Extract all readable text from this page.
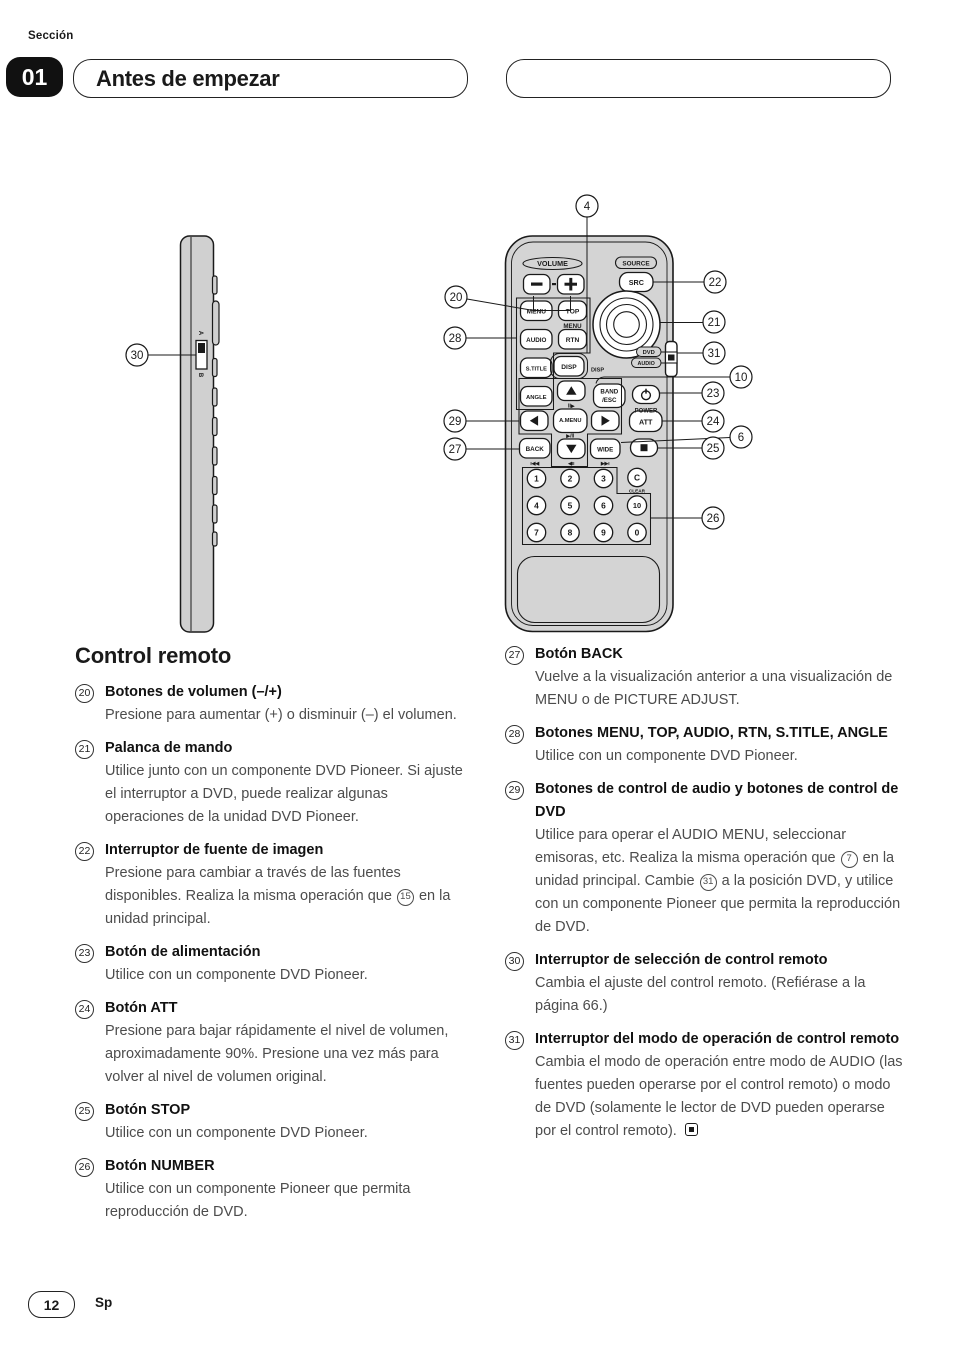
Sección
01	Antes de empezar
A
B
VOLUME	SOURCE
SRC
MENU	TOP
MENU
AUDIO	RTN
S.TITLE DISP	DISP
ANGLE
DVD
AUDIO
II▶
BAND
/ESC
POWER
A.MENU
▶/II
ATT
BACK
I◀◀	◀II
WIDE
▶▶I
1	2	3	C
CLEAR
4	5	6	10
7	8	9	0
4
20
28
29
27
30
22
21
31
10
23
24
6
25
26
Control remoto
20 Botones de volumen (–/+)
Presione para aumentar (+) o disminuir (–) el volumen.
21 Palanca de mando
Utilice junto con un componente DVD Pioneer. Si ajuste el interruptor a DVD, puede realizar algunas operaciones de la unidad DVD Pioneer.
22 Interruptor de fuente de imagen
Presione para cambiar a través de las fuentes disponibles. Realiza la misma operación que 15 en la unidad principal.
23 Botón de alimentación
Utilice con un componente DVD Pioneer.
24 Botón ATT
Presione para bajar rápidamente el nivel de volumen, aproximadamente 90%. Presione una vez más para volver al nivel de volumen original.
25 Botón STOP
Utilice con un componente DVD Pioneer.
26 Botón NUMBER
Utilice con un componente Pioneer que permita reproducción de DVD.
27 Botón BACK
Vuelve a la visualización anterior a una visualización de MENU o de PICTURE ADJUST.
28 Botones MENU, TOP, AUDIO, RTN, S.TITLE, ANGLE
Utilice con un componente DVD Pioneer.
29 Botones de control de audio y botones de control de DVD
Utilice para operar el AUDIO MENU, seleccionar emisoras, etc. Realiza la misma operación que 7 en la unidad principal. Cambie 31 a la posición DVD, y utilice con un componente Pioneer que permita la reproducción de DVD.
30 Interruptor de selección de control remoto
Cambia el ajuste del control remoto. (Refiérase a la página 66.)
31 Interruptor del modo de operación de control remoto
Cambia el modo de operación entre modo de AUDIO (las fuentes pueden operarse por el control remoto) o modo de DVD (solamente le lector de DVD pueden operarse por el control remoto).
12	Sp
